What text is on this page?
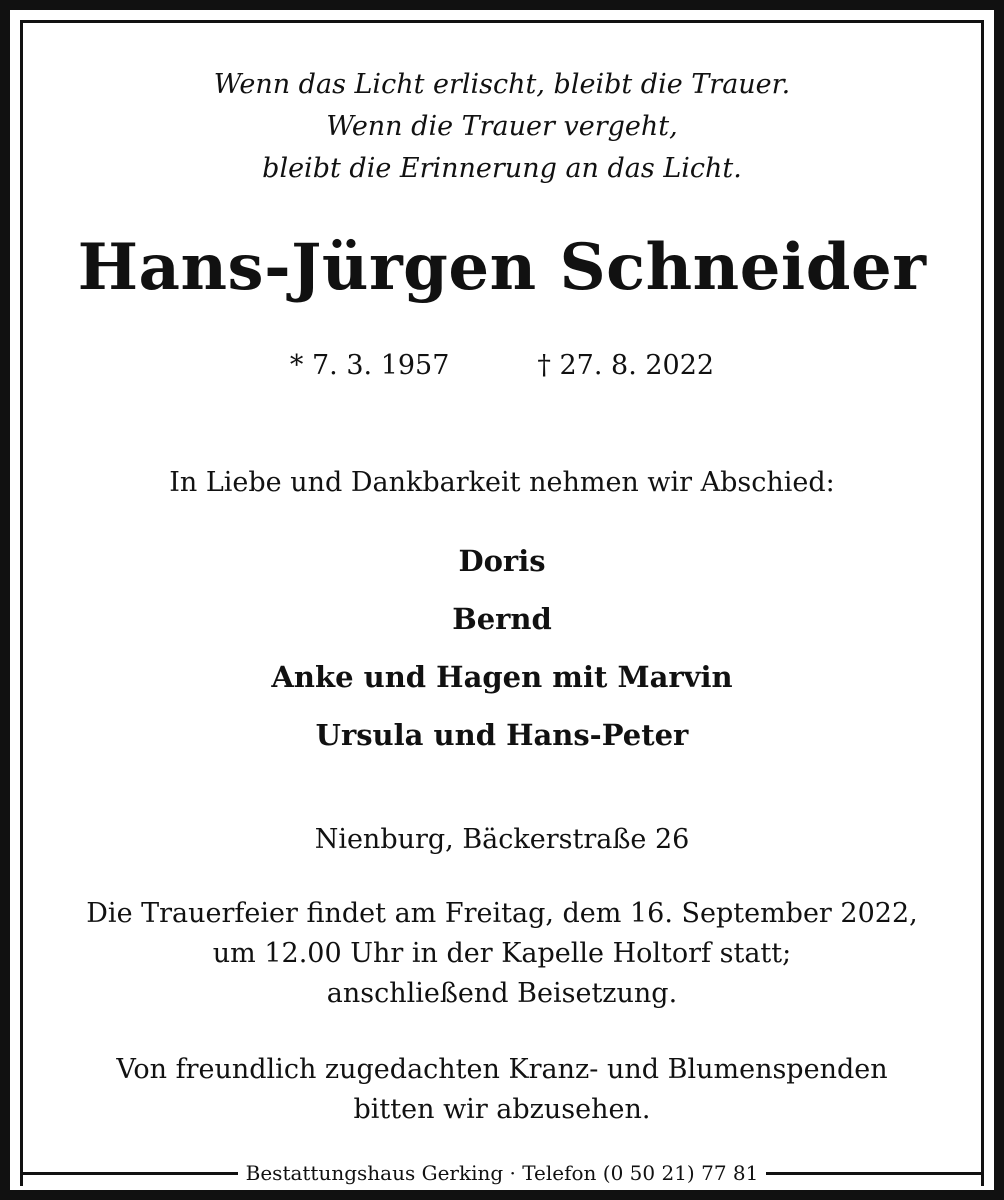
Wenn das Licht erlischt, bleibt die Trauer.
Wenn die Trauer vergeht,
bleibt die Erinnerung an das Licht.
Hans-Jürgen Schneider
* 7. 3. 1957	† 27. 8. 2022
In Liebe und Dankbarkeit nehmen wir Abschied:
Doris
Bernd
Anke und Hagen mit Marvin
Ursula und Hans-Peter
Nienburg, Bäckerstraße 26
Die Trauerfeier findet am Freitag, dem 16. September 2022,
um 12.00 Uhr in der Kapelle Holtorf statt;
anschließend Beisetzung.
Von freundlich zugedachten Kranz- und Blumenspenden
bitten wir abzusehen.
Bestattungshaus Gerking · Telefon (0 50 21) 77 81
